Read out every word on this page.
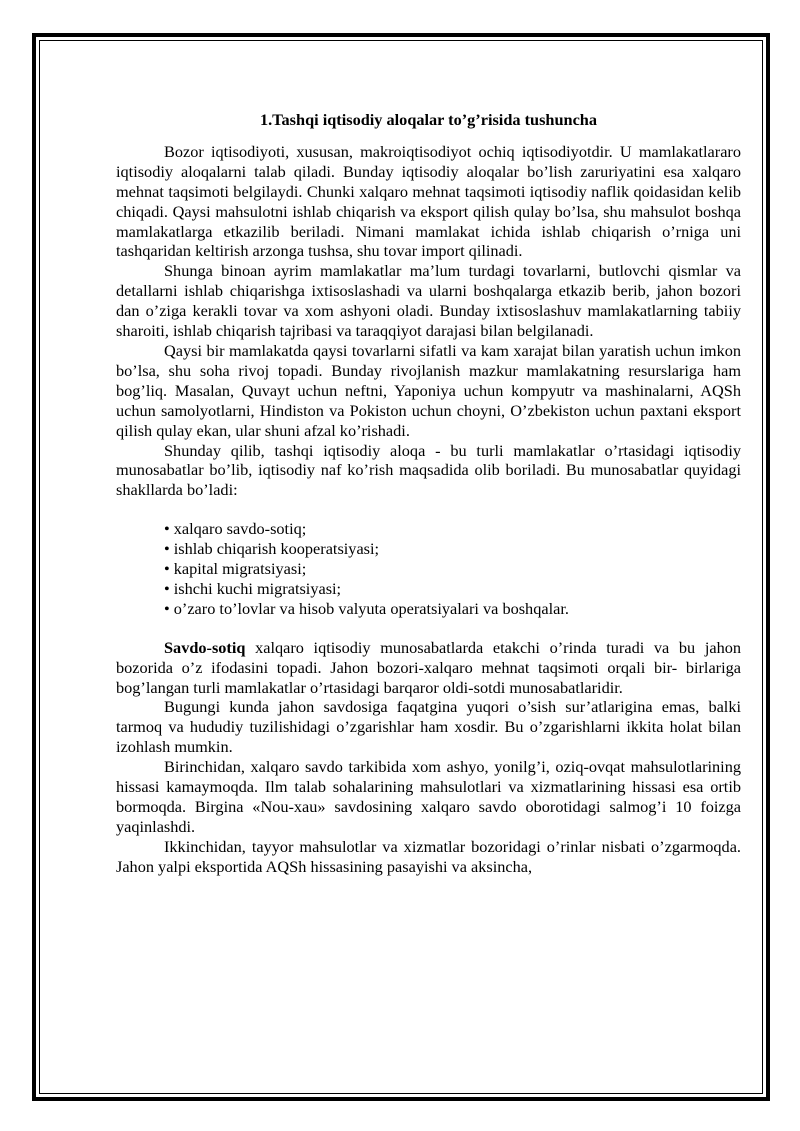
1.Tashqi iqtisodiy aloqalar to’g’risida tushuncha

Bozor iqtisodiyoti, xususan, makroiqtisodiyot ochiq iqtisodiyotdir. U mamlakatlararo iqtisodiy aloqalarni talab qiladi. Bunday iqtisodiy aloqalar bo’lish zaruriyatini esa xalqaro mehnat taqsimoti belgilaydi. Chunki xalqaro mehnat taqsimoti iqtisodiy naflik qoidasidan kelib chiqadi. Qaysi mahsulotni ishlab chiqarish va eksport qilish qulay bo’lsa, shu mahsulot boshqa mamlakatlarga etkazilib beriladi. Nimani mamlakat ichida ishlab chiqarish o’rniga uni tashqaridan keltirish arzonga tushsa, shu tovar import qilinadi.

Shunga binoan ayrim mamlakatlar ma’lum turdagi tovarlarni, butlovchi qismlar va detallarni ishlab chiqarishga ixtisoslashadi va ularni boshqalarga etkazib berib, jahon bozori dan o’ziga kerakli tovar va xom ashyoni oladi. Bunday ixtisoslashuv mamlakatlarning tabiiy sharoiti, ishlab chiqarish tajribasi va taraqqiyot darajasi bilan belgilanadi.

Qaysi bir mamlakatda qaysi tovarlarni sifatli va kam xarajat bilan yaratish uchun imkon bo’lsa, shu soha rivoj topadi. Bunday rivojlanish mazkur mamlakatning resurslariga ham bog’liq. Masalan, Quvayt uchun neftni, Yaponiya uchun kompyutr va mashinalarni, AQSh uchun samolyotlarni, Hindiston va Pokiston uchun choyni, O’zbekiston uchun paxtani eksport qilish qulay ekan, ular shuni afzal ko’rishadi.

Shunday qilib, tashqi iqtisodiy aloqa - bu turli mamlakatlar o’rtasidagi iqtisodiy munosabatlar bo’lib, iqtisodiy naf ko’rish maqsadida olib boriladi. Bu munosabatlar quyidagi shakllarda bo’ladi:

• xalqaro savdo-sotiq;
• ishlab chiqarish kooperatsiyasi;
• kapital migratsiyasi;
• ishchi kuchi migratsiyasi;
• o’zaro to’lovlar va hisob valyuta operatsiyalari va boshqalar.

Savdo-sotiq xalqaro iqtisodiy munosabatlarda etakchi o’rinda turadi va bu jahon bozorida o’z ifodasini topadi. Jahon bozori-xalqaro mehnat taqsimoti orqali bir- birlariga bog’langan turli mamlakatlar o’rtasidagi barqaror oldi-sotdi munosabatlaridir.

Bugungi kunda jahon savdosiga faqatgina yuqori o’sish sur’atlarigina emas, balki tarmoq va hududiy tuzilishidagi o’zgarishlar ham xosdir. Bu o’zgarishlarni ikkita holat bilan izohlash mumkin.

Birinchidan, xalqaro savdo tarkibida xom ashyo, yonilg’i, oziq-ovqat mahsulotlarining hissasi kamaymoqda. Ilm talab sohalarining mahsulotlari va xizmatlarining hissasi esa ortib bormoqda. Birgina «Nou-xau» savdosining xalqaro savdo oborotidagi salmog’i 10 foizga yaqinlashdi.

Ikkinchidan, tayyor mahsulotlar va xizmatlar bozoridagi o’rinlar nisbati o’zgarmoqda. Jahon yalpi eksportida AQSh hissasining pasayishi va aksincha,
